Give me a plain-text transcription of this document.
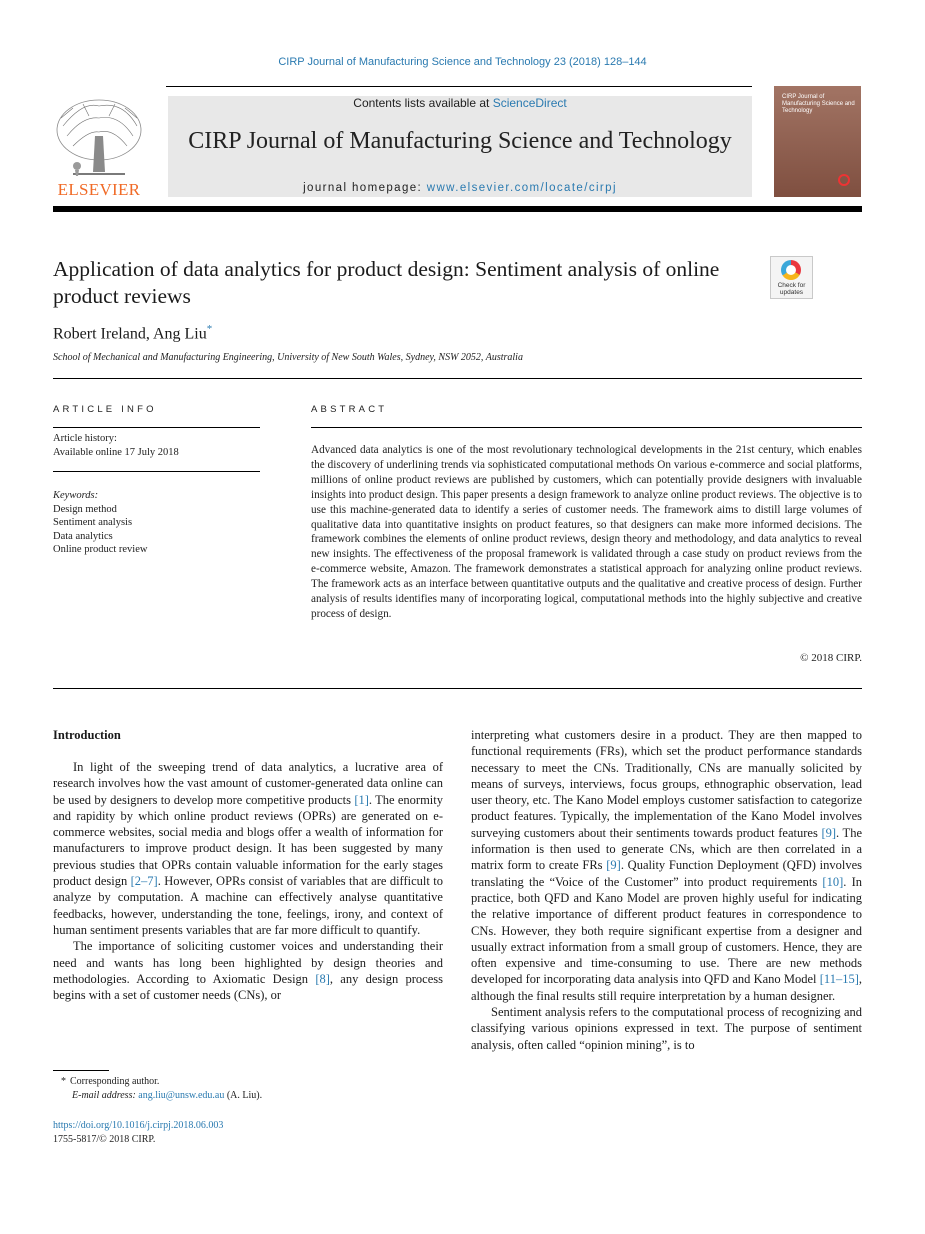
CIRP Journal of Manufacturing Science and Technology 23 (2018) 128–144
ELSEVIER
Contents lists available at ScienceDirect
CIRP Journal of Manufacturing Science and Technology
journal homepage: www.elsevier.com/locate/cirpj
CIRP Journal of Manufacturing Science and Technology
Application of data analytics for product design: Sentiment analysis of online product reviews	Check for updates
Robert Ireland, Ang Liu*
School of Mechanical and Manufacturing Engineering, University of New South Wales, Sydney, NSW 2052, Australia
ARTICLE INFO
Article history:
Available online 17 July 2018
Keywords:
Design method
Sentiment analysis
Data analytics
Online product review
ABSTRACT
Advanced data analytics is one of the most revolutionary technological developments in the 21st century, which enables the discovery of underlining trends via sophisticated computational methods On various e-commerce and social platforms, millions of online product reviews are published by customers, which can potentially provide designers with invaluable insights into product design. This paper presents a design framework to analyze online product reviews. The objective is to use this machine-generated data to identify a series of customer needs. The framework aims to distill large volumes of qualitative data into quantitative insights on product features, so that designers can make more informed decisions. The framework combines the elements of online product reviews, design theory and methodology, and data analytics to reveal new insights. The effectiveness of the proposal framework is validated through a case study on product reviews from the e-commerce website, Amazon. The framework demonstrates a statistical approach for analyzing online product reviews. The framework acts as an interface between quantitative outputs and the qualitative and creative process of design. Further analysis of results identifies many of incorporating logical, computational methods into the highly subjective and creative process of design.
© 2018 CIRP.
Introduction

In light of the sweeping trend of data analytics, a lucrative area of research involves how the vast amount of customer-generated data online can be used by designers to develop more competitive products [1]. The enormity and rapidity by which online product reviews (OPRs) are generated on e-commerce websites, social media and blogs offer a wealth of information for manufacturers to improve product design. It has been suggested by many previous studies that OPRs contain valuable information for the early stages product design [2–7]. However, OPRs consist of variables that are difficult to analyze by computation. A machine can effectively analyse quantitative feedbacks, however, understanding the tone, feelings, irony, and context of human sentiment presents variables that are far more difficult to quantify.

The importance of soliciting customer voices and understanding their need and wants has long been highlighted by design theories and methodologies. According to Axiomatic Design [8], any design process begins with a set of customer needs (CNs), or

interpreting what customers desire in a product. They are then mapped to functional requirements (FRs), which set the product performance standards necessary to meet the CNs. Traditionally, CNs are manually solicited by means of surveys, interviews, focus groups, ethnographic observation, lead user theory, etc. The Kano Model employs customer satisfaction to categorize product features. Typically, the implementation of the Kano Model involves surveying customers about their sentiments towards product features [9]. The information is then used to generate CNs, which are then correlated in a matrix form to create FRs [9]. Quality Function Deployment (QFD) involves translating the “Voice of the Customer” into product requirements [10]. In practice, both QFD and Kano Model are proven highly useful for indicating the relative importance of different product features in correspondence to CNs. However, they both require significant expertise from a designer and usually extract information from a small group of customers. Hence, they are often expensive and time-consuming to use. There are new methods developed for incorporating data analysis into QFD and Kano Model [11–15], although the final results still require interpretation by a human designer.

Sentiment analysis refers to the computational process of recognizing and classifying various opinions expressed in text. The purpose of sentiment analysis, often called “opinion mining”, is to

* Corresponding author.
E-mail address: ang.liu@unsw.edu.au (A. Liu).
https://doi.org/10.1016/j.cirpj.2018.06.003
1755-5817/© 2018 CIRP.
